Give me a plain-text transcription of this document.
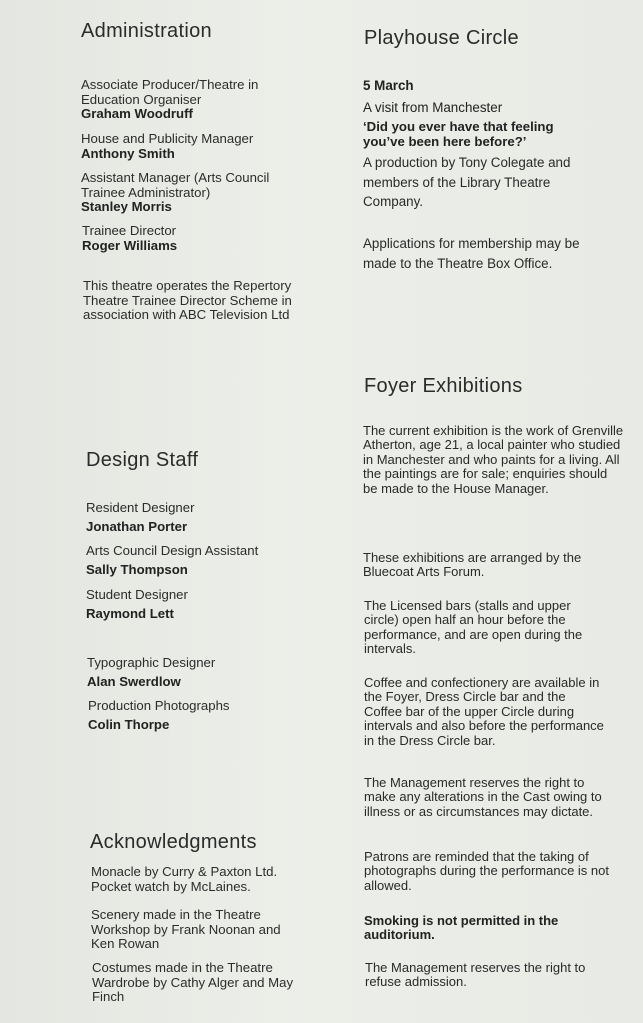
Administration
Associate Producer/Theatre in Education Organiser
Graham Woodruff
House and Publicity Manager
Anthony Smith
Assistant Manager (Arts Council Trainee Administrator)
Stanley Morris
Trainee Director
Roger Williams
This theatre operates the Repertory Theatre Trainee Director Scheme in association with ABC Television Ltd
Design Staff
Resident Designer
Jonathan Porter
Arts Council Design Assistant
Sally Thompson
Student Designer
Raymond Lett
Typographic Designer
Alan Swerdlow
Production Photographs
Colin Thorpe
Acknowledgments
Monacle by Curry & Paxton Ltd. Pocket watch by McLaines.
Scenery made in the Theatre Workshop by Frank Noonan and Ken Rowan
Costumes made in the Theatre Wardrobe by Cathy Alger and May Finch
Playhouse Circle
5 March
A visit from Manchester
‘Did you ever have that feeling you’ve been here before?’
A production by Tony Colegate and members of the Library Theatre Company.
Applications for membership may be made to the Theatre Box Office.
Foyer Exhibitions
The current exhibition is the work of Grenville Atherton, age 21, a local painter who studied in Manchester and who paints for a living. All the paintings are for sale; enquiries should be made to the House Manager.
These exhibitions are arranged by the Bluecoat Arts Forum.
The Licensed bars (stalls and upper circle) open half an hour before the performance, and are open during the intervals.
Coffee and confectionery are available in the Foyer, Dress Circle bar and the Coffee bar of the upper Circle during intervals and also before the performance in the Dress Circle bar.
The Management reserves the right to make any alterations in the Cast owing to illness or as circumstances may dictate.
Patrons are reminded that the taking of photographs during the performance is not allowed.
Smoking is not permitted in the auditorium.
The Management reserves the right to refuse admission.
